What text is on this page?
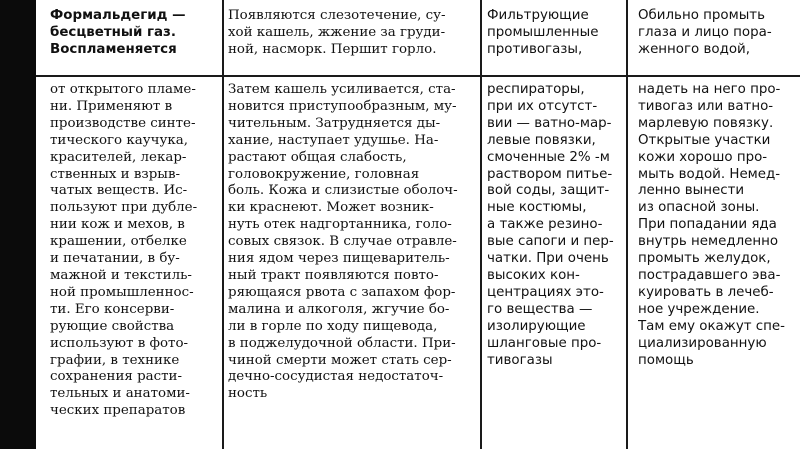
Формальдегид —
бесцветный газ.
Воспламеняется
от открытого пламе-
ни. Применяют в
производстве синте-
тического каучука,
красителей, лекар-
ственных и взрыв-
чатых веществ. Ис-
пользуют при дубле-
нии кож и мехов, в
крашении, отбелке
и печатании, в бу-
мажной и текстиль-
ной промышленнос-
ти. Его консерви-
рующие свойства
используют в фото-
графии, в технике
сохранения расти-
тельных и анатоми-
ческих препаратов
Появляются слезотечение, су-
хой кашель, жжение за груди-
ной, насморк. Першит горло.
Затем кашель усиливается, ста-
новится приступообразным, му-
чительным. Затрудняется ды-
хание, наступает удушье. На-
растают общая слабость,
головокружение, головная
боль. Кожа и слизистые оболоч-
ки краснеют. Может возник-
нуть отек надгортанника, голо-
совых связок. В случае отравле-
ния ядом через пищеваритель-
ный тракт появляются повто-
ряющаяся рвота с запахом фор-
малина и алкоголя, жгучие бо-
ли в горле по ходу пищевода,
в поджелудочной области. При-
чиной смерти может стать сер-
дечно-сосудистая недостаточ-
ность
Фильтрующие
промышленные
противогазы,
респираторы,
при их отсутст-
вии — ватно-мар-
левые повязки,
смоченные 2% -м
раствором питье-
вой соды, защит-
ные костюмы,
а также резино-
вые сапоги и пер-
чатки. При очень
высоких кон-
центрациях это-
го вещества —
изолирующие
шланговые про-
тивогазы
Обильно промыть
глаза и лицо пора-
женного водой,
надеть на него про-
тивогаз или ватно-
марлевую повязку.
Открытые участки
кожи хорошо про-
мыть водой. Немед-
ленно вынести
из опасной зоны.
При попадании яда
внутрь немедленно
промыть желудок,
пострадавшего эва-
куировать в лечеб-
ное учреждение.
Там ему окажут спе-
циализированную
помощь
